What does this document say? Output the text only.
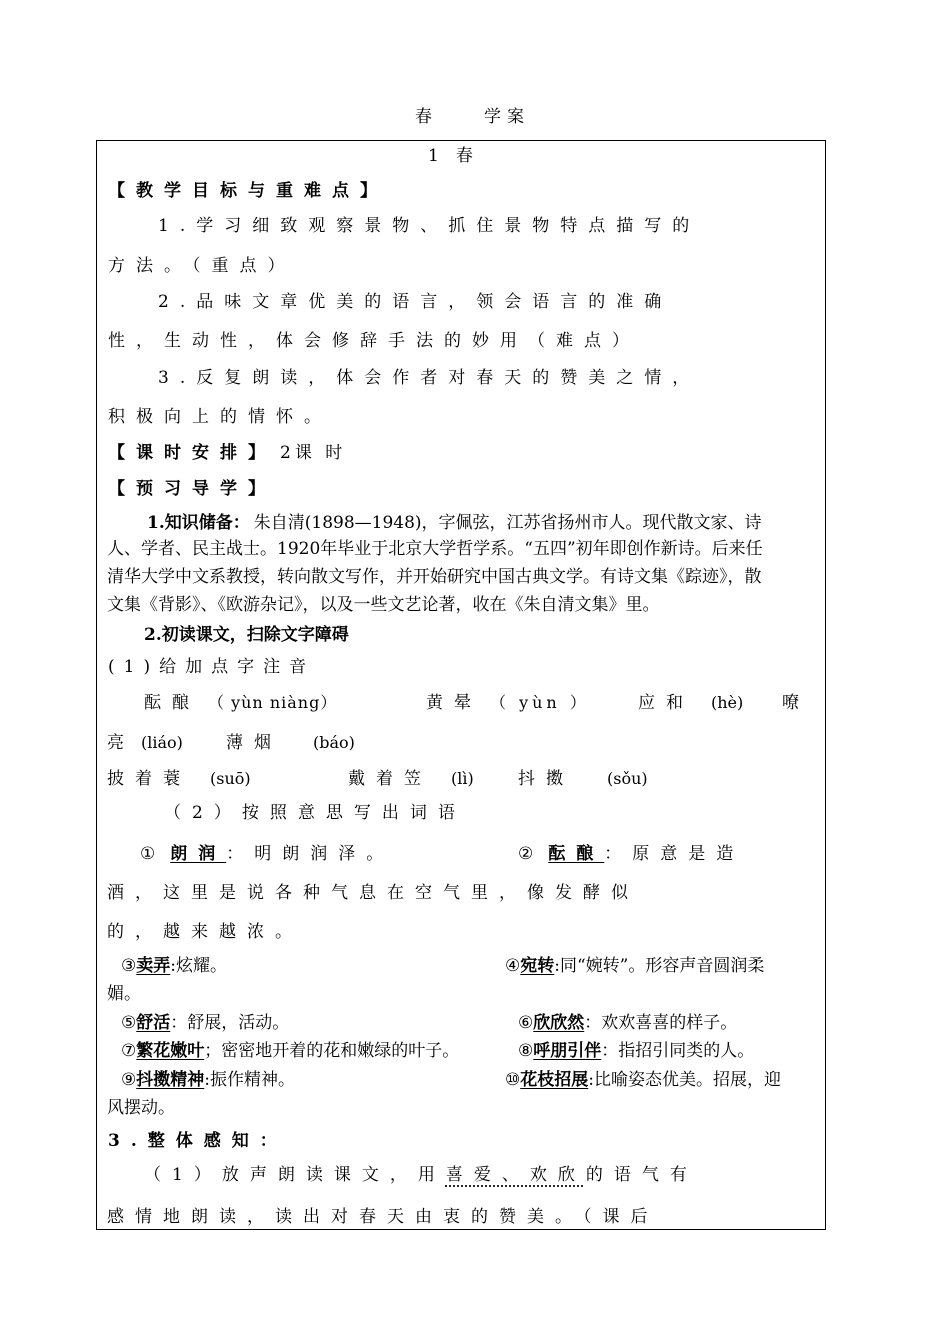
春　　学案
1　春
【教学目标与重难点】
1.学习细致观察景物、抓住景物特点描写的
方法。（重点）
2.品味文章优美的语言，领会语言的准确
性，生动性，体会修辞手法的妙用（难点）
3.反复朗读，体会作者对春天的赞美之情，
积极向上的情怀。
【课时安排】 2课 时
【预习导学】
1.知识储备： 朱自清(1898—1948)，字佩弦，江苏省扬州市人。现代散文家、诗
人、学者、民主战士。1920年毕业于北京大学哲学系。“五四”初年即创作新诗。后来任
清华大学中文系教授，转向散文写作，并开始研究中国古典文学。有诗文集《踪迹》，散
文集《背影》、《欧游杂记》，以及一些文艺论著，收在《朱自清文集》里。
2.初读课文，扫除文字障碍
(1)给加点字注音
酝酿 （ yùn niàng）	黄晕 （ yùn ）	应和 (hè) 嘹
亮 (liáo)	薄烟 (báo)
披着蓑 (suō)	戴着笠 (lì)	抖擞 (sǒu)
（2）按照意思写出词语
① 朗润：明朗润泽。	② 酝酿：原意是造
酒，这里是说各种气息在空气里，像发酵似
的，越来越浓。
③卖弄:炫耀。	④宛转:同“婉转”。形容声音圆润柔
媚。
⑤舒活：舒展，活动。	⑥欣欣然：欢欢喜喜的样子。
⑦繁花嫩叶；密密地开着的花和嫩绿的叶子。	⑧呼朋引伴：指招引同类的人。
⑨抖擞精神:振作精神。	⑩花枝招展:比喻姿态优美。招展，迎
风摆动。
3.整体感知：
（1）放声朗读课文，用喜爱、欢欣的语气有
感情地朗读，读出对春天由衷的赞美。（课后
